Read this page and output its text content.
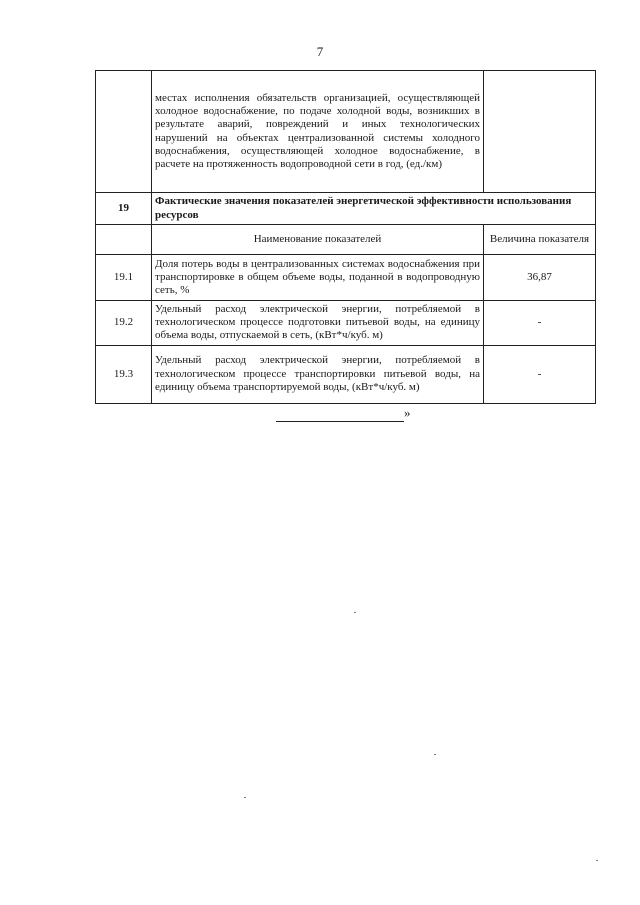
7
	местах исполнения обязательств организацией, осуществляющей холодное водоснабжение, по подаче холодной воды, возникших в результате аварий, повреждений и иных технологических нарушений на объектах централизованной системы холодного водоснабжения, осуществляющей холодное водоснабжение, в расчете на протяженность водопроводной сети в год, (ед./км)	
19	Фактические значения показателей энергетической эффективности использования ресурсов	
	Наименование показателей	Величина показателя
19.1	Доля потерь воды в централизованных системах водоснабжения при транспортировке в общем объеме воды, поданной в водопроводную сеть, %	36,87
19.2	Удельный расход электрической энергии, потребляемой в технологическом процессе подготовки питьевой воды, на единицу объема воды, отпускаемой в сеть, (кВт*ч/куб. м)	-
19.3	Удельный расход электрической энергии, потребляемой в технологическом процессе транспортировки питьевой воды, на единицу объема транспортируемой воды, (кВт*ч/куб. м)	-
»
